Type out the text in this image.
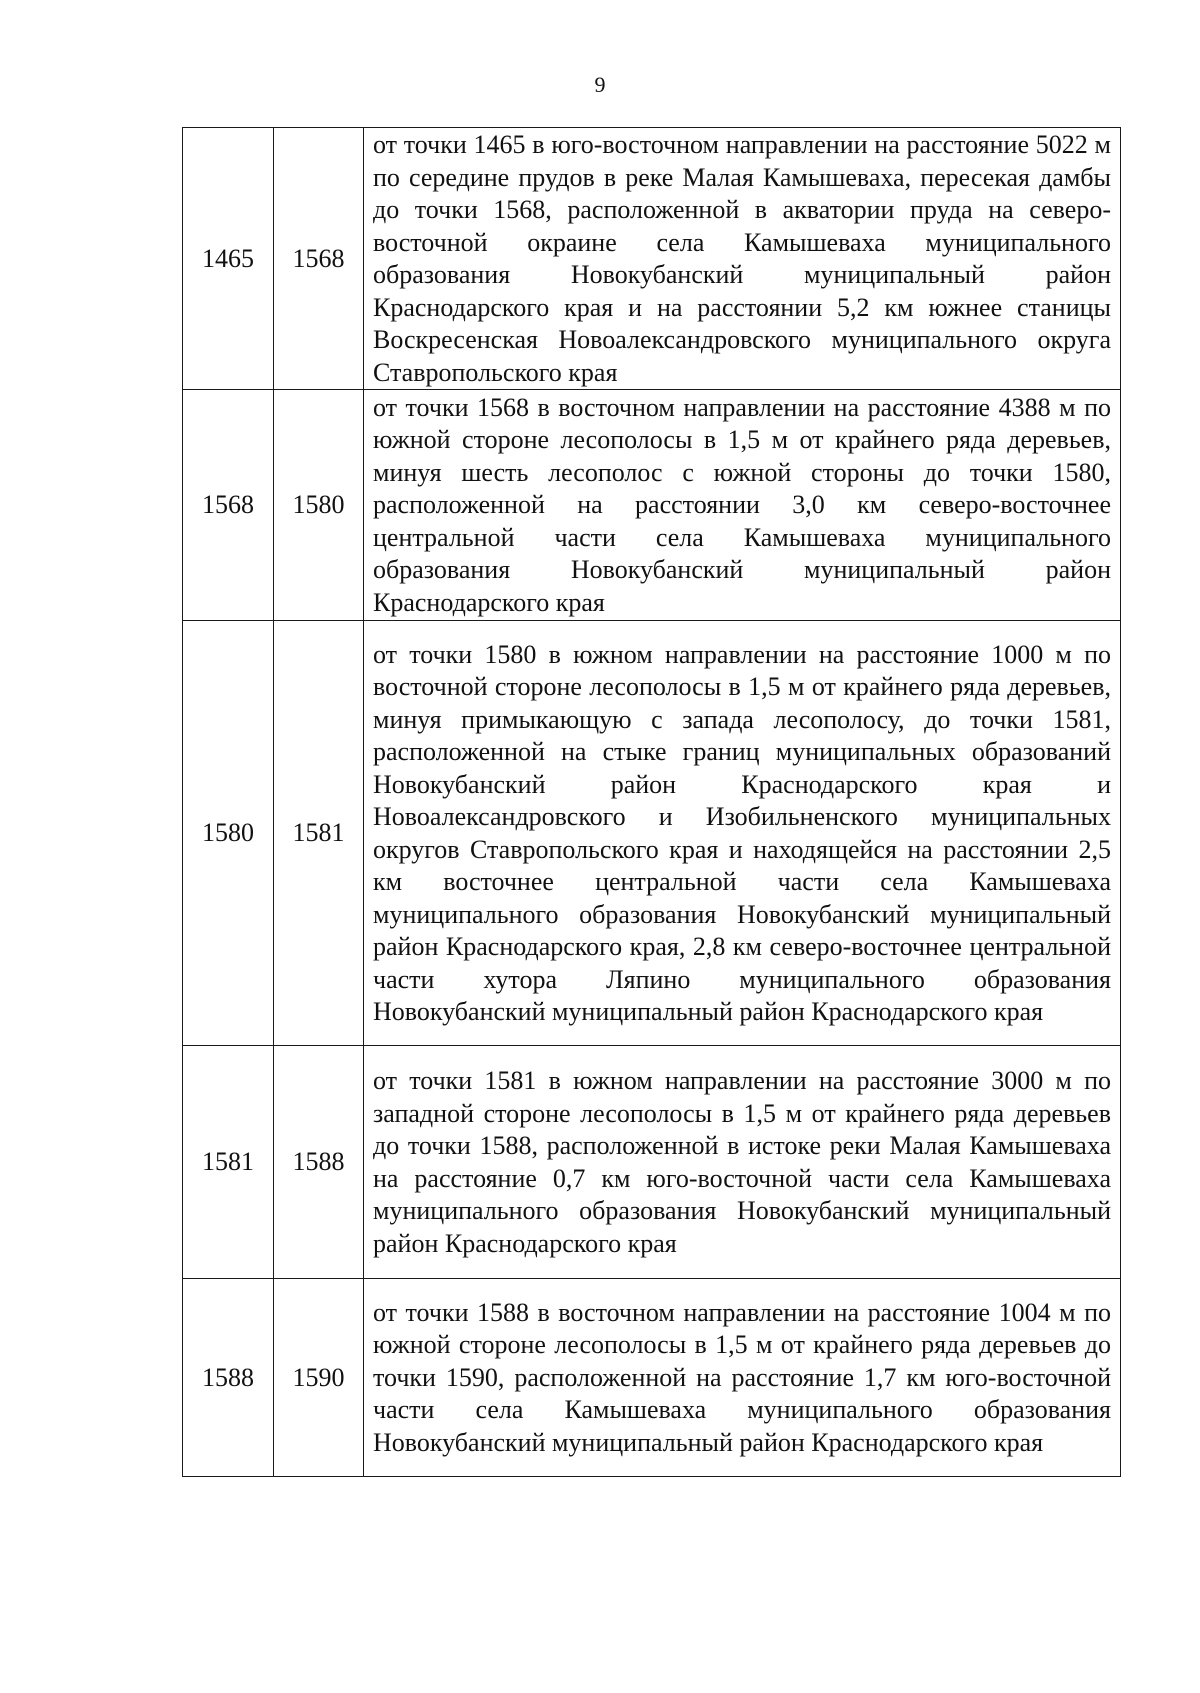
9
1465	1568	от точки 1465 в юго-восточном направлении на расстояние 5022 м по середине прудов в реке Малая Камышеваха, пересекая дамбы до точки 1568, расположенной в акватории пруда на северо-восточной окраине села Камышеваха муниципального образования Новокубанский муниципальный район Краснодарского края и на расстоянии 5,2 км южнее станицы Воскресенская Новоалександровского муниципального округа Ставропольского края
1568	1580	от точки 1568 в восточном направлении на расстояние 4388 м по южной стороне лесополосы в 1,5 м от крайнего ряда деревьев, минуя шесть лесополос с южной стороны до точки 1580, расположенной на расстоянии 3,0 км северо-восточнее центральной части села Камышеваха муниципального образования Новокубанский муниципальный район Краснодарского края
1580	1581	от точки 1580 в южном направлении на расстояние 1000 м по восточной стороне лесополосы в 1,5 м от крайнего ряда деревьев, минуя примыкающую с запада лесополосу, до точки 1581, расположенной на стыке границ муниципальных образований Новокубанский район Краснодарского края и Новоалександровского и Изобильненского муниципальных округов Ставропольского края и находящейся на расстоянии 2,5 км восточнее центральной части села Камышеваха муниципального образования Новокубанский муниципальный район Краснодарского края, 2,8 км северо-восточнее центральной части хутора Ляпино муниципального образования Новокубанский муниципальный район Краснодарского края
1581	1588	от точки 1581 в южном направлении на расстояние 3000 м по западной стороне лесополосы в 1,5 м от крайнего ряда деревьев до точки 1588, расположенной в истоке реки Малая Камышеваха на расстояние 0,7 км юго-восточной части села Камышеваха муниципального образования Новокубанский муниципальный район Краснодарского края
1588	1590	от точки 1588 в восточном направлении на расстояние 1004 м по южной стороне лесополосы в 1,5 м от крайнего ряда деревьев до точки 1590, расположенной на расстояние 1,7 км юго-восточной части села Камышеваха муниципального образования Новокубанский муниципальный район Краснодарского края
